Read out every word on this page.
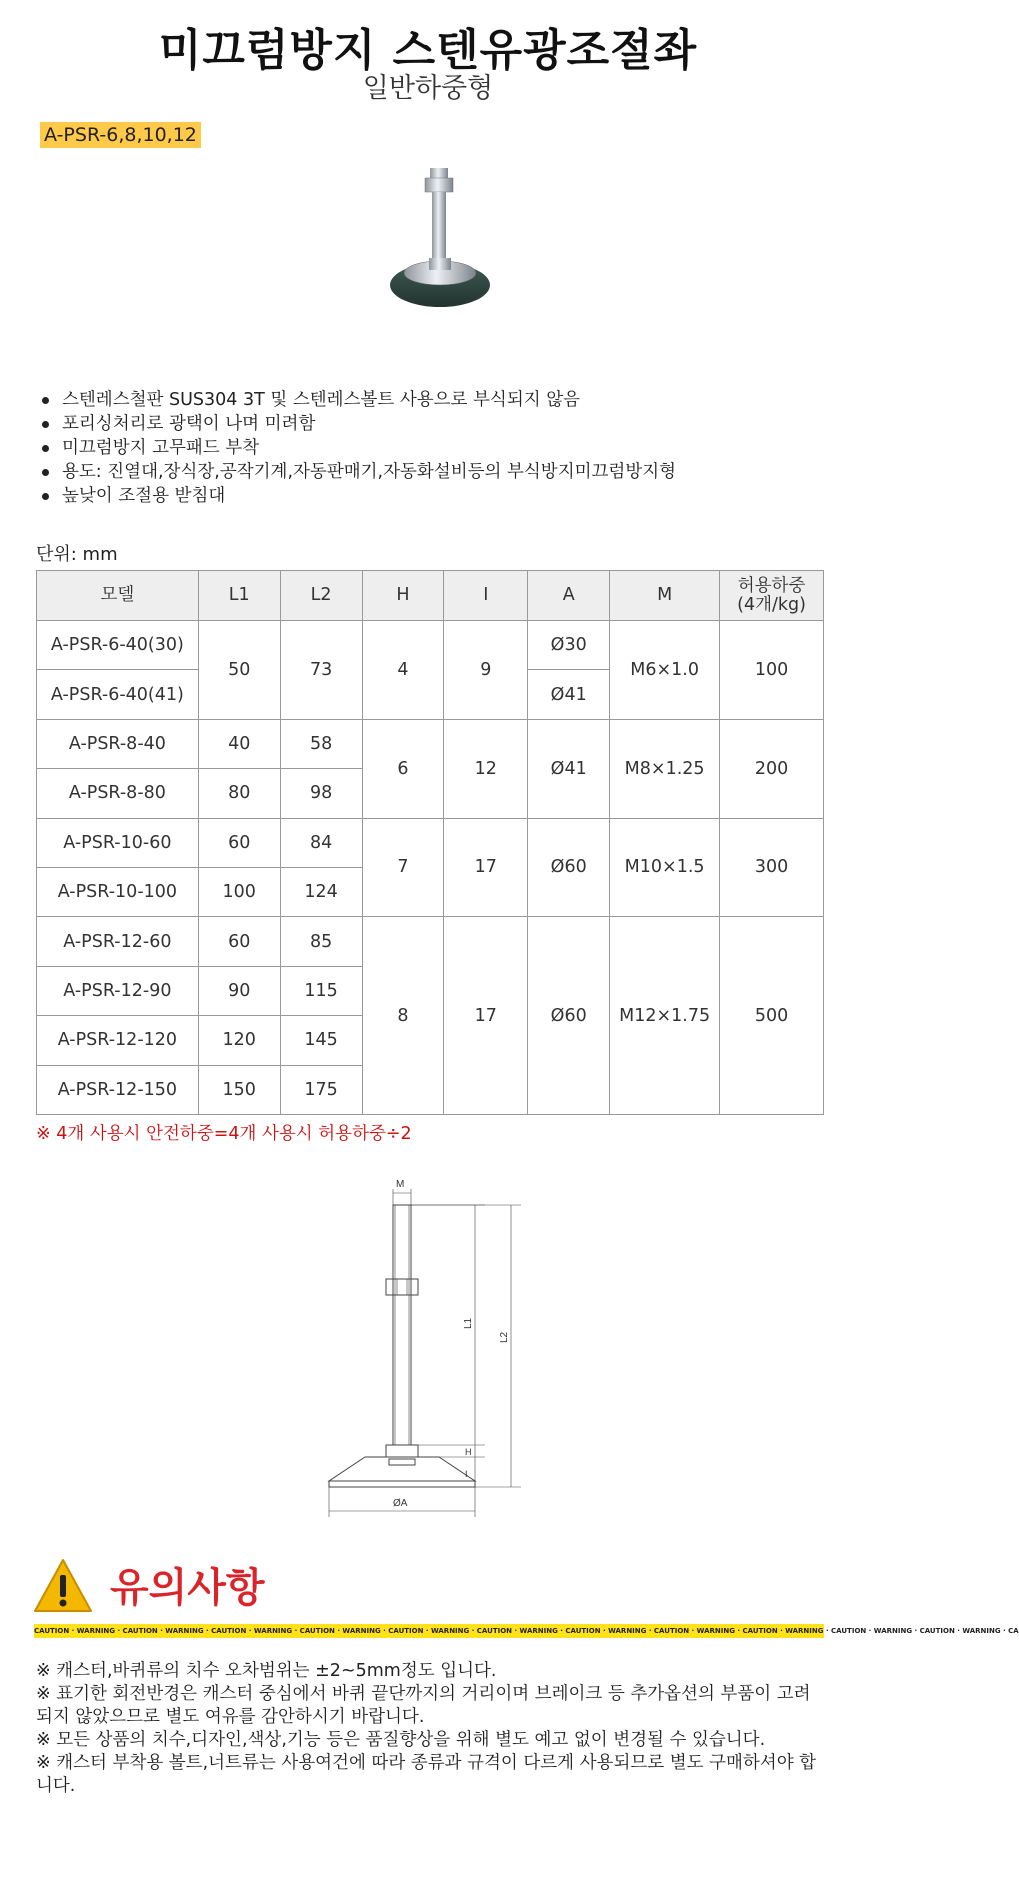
미끄럼방지 스텐유광조절좌
일반하중형
A-PSR-6,8,10,12
스텐레스철판 SUS304 3T 및 스텐레스볼트 사용으로 부식되지 않음
포리싱처리로 광택이 나며 미려함
미끄럼방지 고무패드 부착
용도: 진열대,장식장,공작기계,자동판매기,자동화설비등의 부식방지미끄럼방지형
높낮이 조절용 받침대
단위: mm
모델	L1	L2	H	I	A	M	허용하중
(4개/kg)
A-PSR-6-40(30)	50	73	4	9	Ø30	M6×1.0	100
A-PSR-6-40(41)					Ø41		
A-PSR-8-40	40	58	6	12	Ø41	M8×1.25	200
A-PSR-8-80	80	98					
A-PSR-10-60	60	84	7	17	Ø60	M10×1.5	300
A-PSR-10-100	100	124					
A-PSR-12-60	60	85	8	17	Ø60	M12×1.75	500
A-PSR-12-90	90	115					
A-PSR-12-120	120	145					
A-PSR-12-150	150	175					
※ 4개 사용시 안전하중=4개 사용시 허용하중÷2
M
L1
L2
H
I
ØA
유의사항
CAUTION · WARNING · CAUTION · WARNING · CAUTION · WARNING · CAUTION · WARNING · CAUTION · WARNING · CAUTION · WARNING · CAUTION · WARNING · CAUTION · WARNING · CAUTION · WARNING · CAUTION · WARNING · CAUTION · WARNING · CA

※ 캐스터,바퀴류의 치수 오차범위는 ±2~5mm정도 입니다.

※ 표기한 회전반경은 캐스터 중심에서 바퀴 끝단까지의 거리이며 브레이크 등 추가옵션의 부품이 고려되지 않았으므로 별도 여유를 감안하시기 바랍니다.

※ 모든 상품의 치수,디자인,색상,기능 등은 품질향상을 위해 별도 예고 없이 변경될 수 있습니다.

※ 캐스터 부착용 볼트,너트류는 사용여건에 따라 종류과 규격이 다르게 사용되므로 별도 구매하셔야 합니다.
